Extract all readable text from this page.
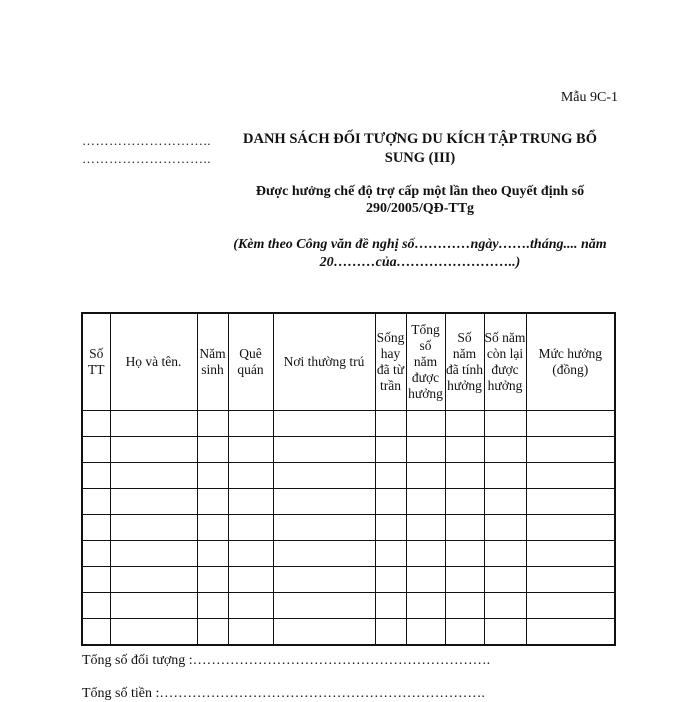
Mẫu 9C-1
………………………..
………………………..
DANH SÁCH ĐỐI TƯỢNG DU KÍCH TẬP TRUNG BỔ SUNG (III)
Được hưởng chế độ trợ cấp một lần theo Quyết định số 290/2005/QĐ-TTg
(Kèm theo Công văn đề nghị số…………ngày…….tháng.... năm 20………của……………………..)
Số TT	Họ và tên.	Năm sinh	Quê quán	Nơi thường trú	Sống hay đã từ trần	Tổng số năm được hưởng	Số năm đã tính hưởng	Số năm còn lại được hưởng	Mức hưởng (đồng)

Tổng số đối tượng :……………………………………………………….
Tổng số tiền :…………………………………………………………….
